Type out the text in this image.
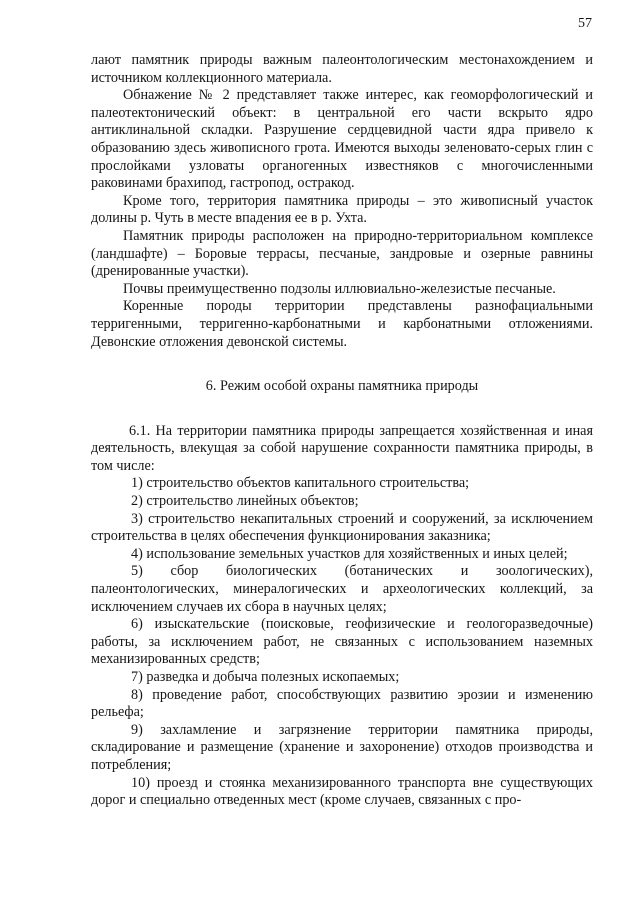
57

лают памятник природы важным палеонтологическим местонахождением и источником коллекционного материала.

Обнажение № 2 представляет также интерес, как геоморфологический и палеотектонический объект: в центральной его части вскрыто ядро антиклинальной складки. Разрушение сердцевидной части ядра привело к образованию здесь живописного грота. Имеются выходы зеленовато-серых глин с прослойками узловаты органогенных известняков с многочисленными раковинами брахипод, гастропод, остракод.

Кроме того, территория памятника природы – это живописный участок долины р. Чуть в месте впадения ее в р. Ухта.

Памятник природы расположен на природно-территориальном комплексе (ландшафте) – Боровые террасы, песчаные, зандровые и озерные равнины (дренированные участки).

Почвы преимущественно подзолы иллювиально-железистые песчаные.

Коренные породы территории представлены разнофациальными терригенными, терригенно-карбонатными и карбонатными отложениями. Девонские отложения девонской системы.

6. Режим особой охраны памятника природы

6.1. На территории памятника природы запрещается хозяйственная и иная деятельность, влекущая за собой нарушение сохранности памятника природы, в том числе:

1) строительство объектов капитального строительства;

2) строительство линейных объектов;

3) строительство некапитальных строений и сооружений, за исключением строительства в целях обеспечения функционирования заказника;

4) использование земельных участков для хозяйственных и иных целей;

5) сбор биологических (ботанических и зоологических), палеонтологических, минералогических и археологических коллекций, за исключением случаев их сбора в научных целях;

6) изыскательские (поисковые, геофизические и геологоразведочные) работы, за исключением работ, не связанных с использованием наземных механизированных средств;

7) разведка и добыча полезных ископаемых;

8) проведение работ, способствующих развитию эрозии и изменению рельефа;

9) захламление и загрязнение территории памятника природы, складирование и размещение (хранение и захоронение) отходов производства и потребления;

10) проезд и стоянка механизированного транспорта вне существующих дорог и специально отведенных мест (кроме случаев, связанных с про-
